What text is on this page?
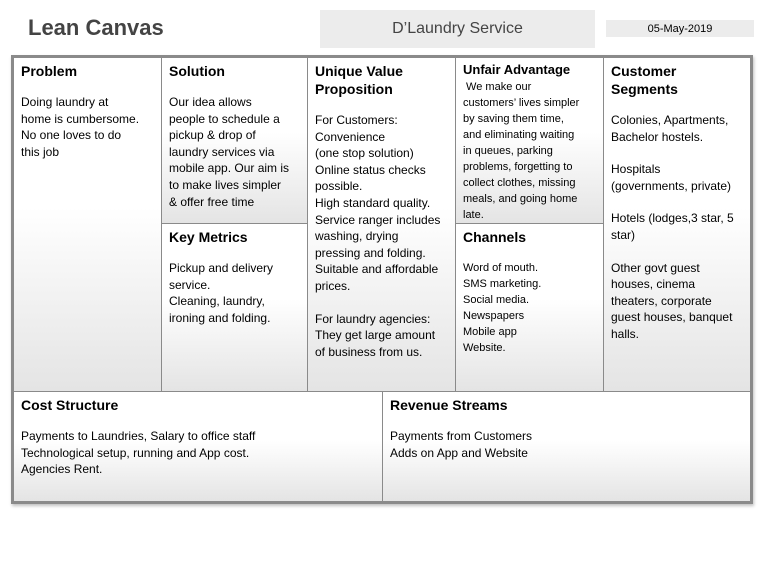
Lean Canvas	D’Laundry Service	05-May-2019
Problem
Doing laundry at
home is cumbersome.
No one loves to do
this job
Solution
Our idea allows
people to schedule a
pickup & drop of
laundry services via
mobile app. Our aim is
to make lives simpler
& offer free time
Key Metrics
Pickup and delivery
service.
Cleaning, laundry,
ironing and folding.
Unique Value
Proposition

For Customers:
Convenience
(one stop solution)
Online status checks
possible.
High standard quality.
Service ranger includes
washing, drying
pressing and folding.
Suitable and affordable
prices.

For laundry agencies:
They get large amount
of business from us.

Unfair Advantage
We make our
customers’ lives simpler
by saving them time,
and eliminating waiting
in queues, parking
problems, forgetting to
collect clothes, missing
meals, and going home
late.
Channels
Word of mouth.
SMS marketing.
Social media.
Newspapers
Mobile app
Website.
Customer
Segments

Colonies, Apartments,
Bachelor hostels.

Hospitals
(governments, private)

Hotels (lodges,3 star, 5
star)

Other govt guest
houses, cinema
theaters, corporate
guest houses, banquet
halls.

Cost Structure
Payments to Laundries, Salary to office staff
Technological setup, running and App cost.
Agencies Rent.
Revenue Streams
Payments from Customers
Adds on App and Website
